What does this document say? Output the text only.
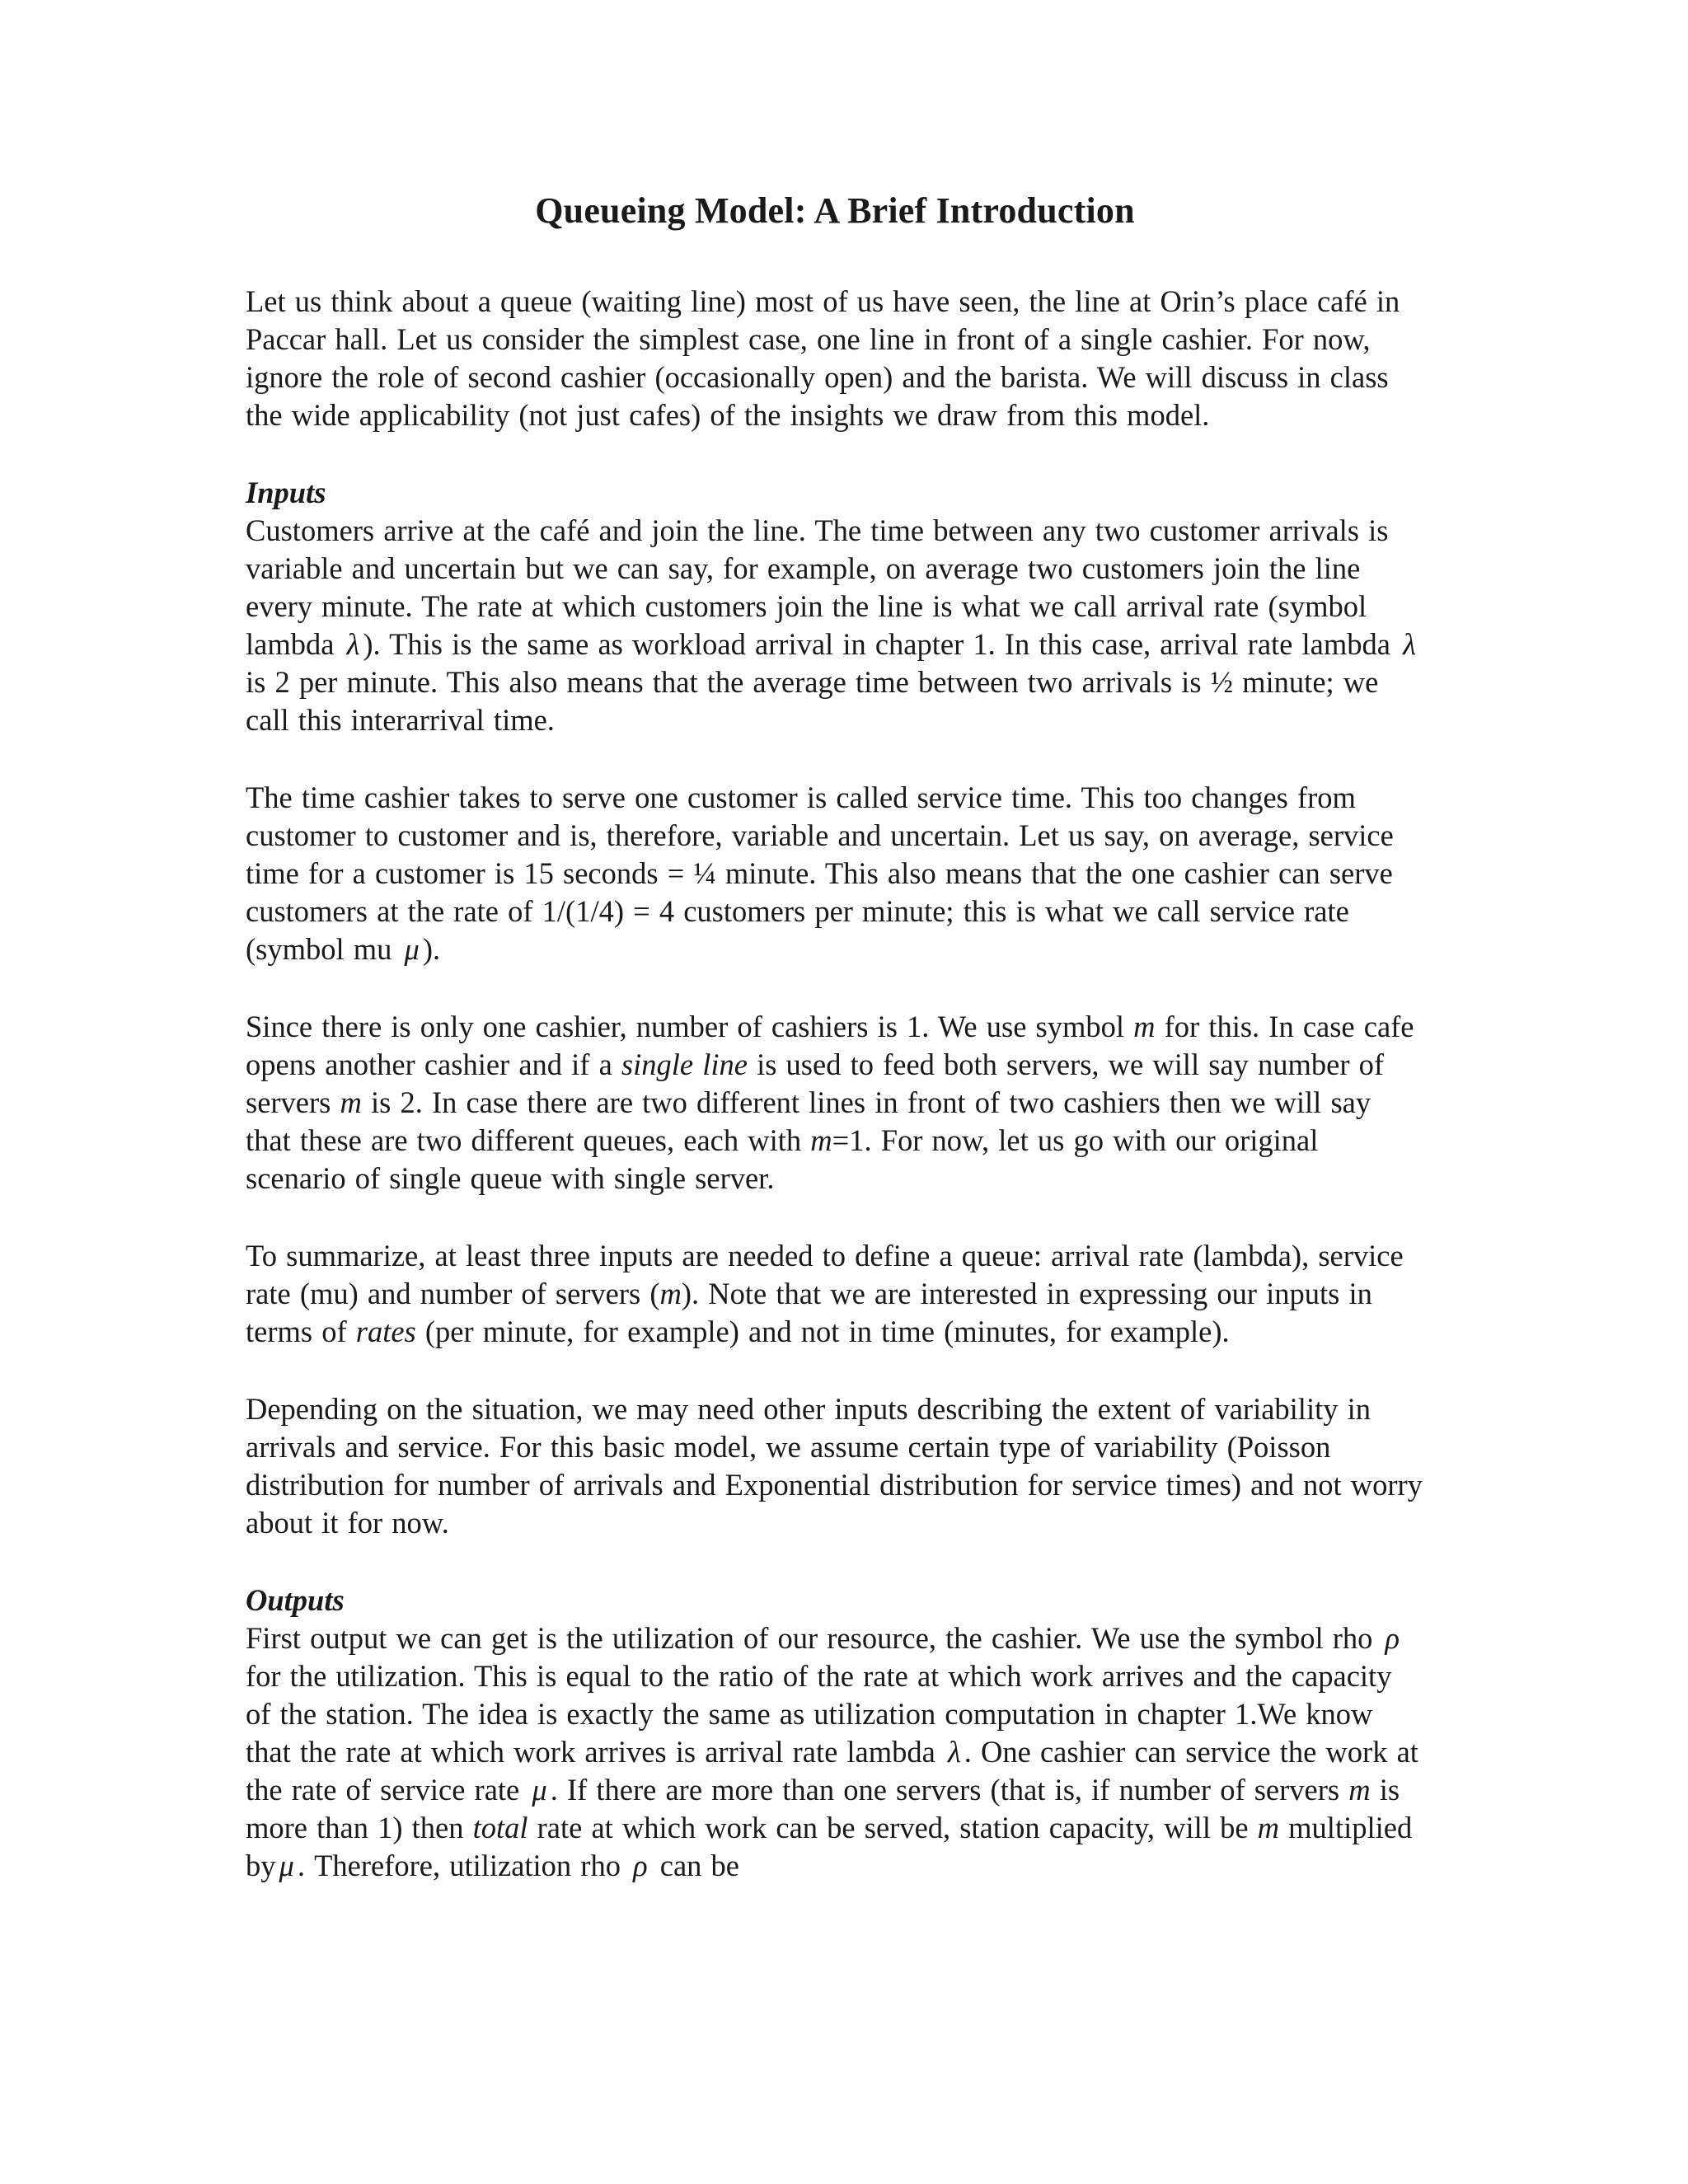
Queueing Model: A Brief Introduction

Let us think about a queue (waiting line) most of us have seen, the line at Orin’s place café in Paccar hall. Let us consider the simplest case, one line in front of a single cashier. For now, ignore the role of second cashier (occasionally open) and the barista. We will discuss in class the wide applicability (not just cafes) of the insights we draw from this model.

Inputs

Customers arrive at the café and join the line. The time between any two customer arrivals is variable and uncertain but we can say, for example, on average two customers join the line every minute. The rate at which customers join the line is what we call arrival rate (symbol lambda λ ). This is the same as workload arrival in chapter 1. In this case, arrival rate lambda λ is 2 per minute. This also means that the average time between two arrivals is ½ minute; we call this interarrival time.

The time cashier takes to serve one customer is called service time. This too changes from customer to customer and is, therefore, variable and uncertain. Let us say, on average, service time for a customer is 15 seconds = ¼ minute. This also means that the one cashier can serve customers at the rate of 1/(1/4) = 4 customers per minute; this is what we call service rate (symbol mu μ ).

Since there is only one cashier, number of cashiers is 1. We use symbol m for this. In case cafe opens another cashier and if a single line is used to feed both servers, we will say number of servers m is 2. In case there are two different lines in front of two cashiers then we will say that these are two different queues, each with m=1. For now, let us go with our original scenario of single queue with single server.

To summarize, at least three inputs are needed to define a queue: arrival rate (lambda), service rate (mu) and number of servers (m). Note that we are interested in expressing our inputs in terms of rates (per minute, for example) and not in time (minutes, for example).

Depending on the situation, we may need other inputs describing the extent of variability in arrivals and service. For this basic model, we assume certain type of variability (Poisson distribution for number of arrivals and Exponential distribution for service times) and not worry about it for now.

Outputs

First output we can get is the utilization of our resource, the cashier. We use the symbol rho ρ for the utilization. This is equal to the ratio of the rate at which work arrives and the capacity of the station. The idea is exactly the same as utilization computation in chapter 1.We know that the rate at which work arrives is arrival rate lambda λ . One cashier can service the work at the rate of service rate μ . If there are more than one servers (that is, if number of servers m is more than 1) then total rate at which work can be served, station capacity, will be m multiplied by μ . Therefore, utilization rho ρ can be
